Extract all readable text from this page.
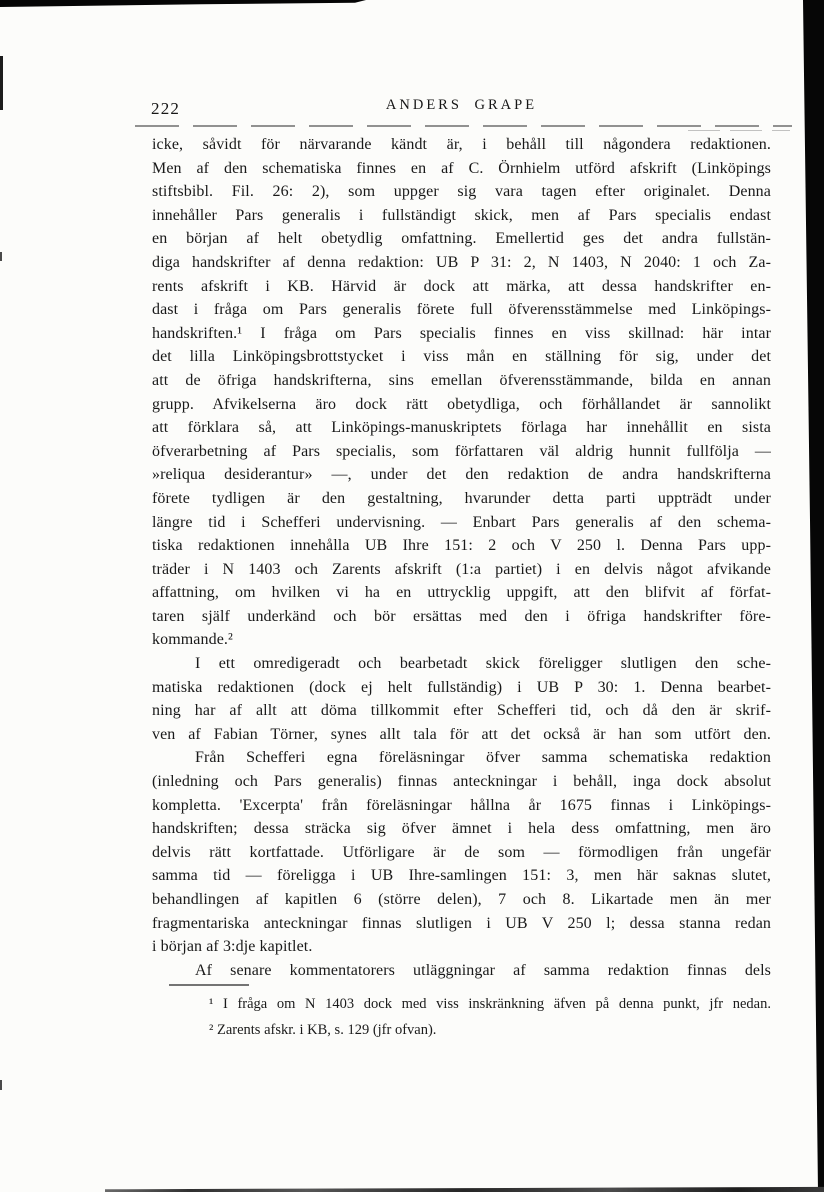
222	ANDERS GRAPE
icke, såvidt för närvarande kändt är, i behåll till någondera redaktionen.
Men af den schematiska finnes en af C. Örnhielm utförd afskrift (Linköpings
stiftsbibl. Fil. 26: 2), som uppger sig vara tagen efter originalet. Denna
innehåller Pars generalis i fullständigt skick, men af Pars specialis endast
en början af helt obetydlig omfattning. Emellertid ges det andra fullstän-
diga handskrifter af denna redaktion: UB P 31: 2, N 1403, N 2040: 1 och Za-
rents afskrift i KB. Härvid är dock att märka, att dessa handskrifter en-
dast i fråga om Pars generalis förete full öfverensstämmelse med Linköpings-
handskriften.¹ I fråga om Pars specialis finnes en viss skillnad: här intar
det lilla Linköpingsbrottstycket i viss mån en ställning för sig, under det
att de öfriga handskrifterna, sins emellan öfverensstämmande, bilda en annan
grupp. Afvikelserna äro dock rätt obetydliga, och förhållandet är sannolikt
att förklara så, att Linköpings-manuskriptets förlaga har innehållit en sista
öfverarbetning af Pars specialis, som författaren väl aldrig hunnit fullfölja —
»reliqua desiderantur» —, under det den redaktion de andra handskrifterna
förete tydligen är den gestaltning, hvarunder detta parti uppträdt under
längre tid i Schefferi undervisning. — Enbart Pars generalis af den schema-
tiska redaktionen innehålla UB Ihre 151: 2 och V 250 l. Denna Pars upp-
träder i N 1403 och Zarents afskrift (1:a partiet) i en delvis något afvikande
affattning, om hvilken vi ha en uttrycklig uppgift, att den blifvit af förfat-
taren själf underkänd och bör ersättas med den i öfriga handskrifter före-
kommande.²
I ett omredigeradt och bearbetadt skick föreligger slutligen den sche-
matiska redaktionen (dock ej helt fullständig) i UB P 30: 1. Denna bearbet-
ning har af allt att döma tillkommit efter Schefferi tid, och då den är skrif-
ven af Fabian Törner, synes allt tala för att det också är han som utfört den.
Från Schefferi egna föreläsningar öfver samma schematiska redaktion
(inledning och Pars generalis) finnas anteckningar i behåll, inga dock absolut
kompletta. 'Excerpta' från föreläsningar hållna år 1675 finnas i Linköpings-
handskriften; dessa sträcka sig öfver ämnet i hela dess omfattning, men äro
delvis rätt kortfattade. Utförligare är de som — förmodligen från ungefär
samma tid — föreligga i UB Ihre-samlingen 151: 3, men här saknas slutet,
behandlingen af kapitlen 6 (större delen), 7 och 8. Likartade men än mer
fragmentariska anteckningar finnas slutligen i UB V 250 l; dessa stanna redan
i början af 3:dje kapitlet.
Af senare kommentatorers utläggningar af samma redaktion finnas dels
¹ I fråga om N 1403 dock med viss inskränkning äfven på denna punkt, jfr nedan.
² Zarents afskr. i KB, s. 129 (jfr ofvan).
